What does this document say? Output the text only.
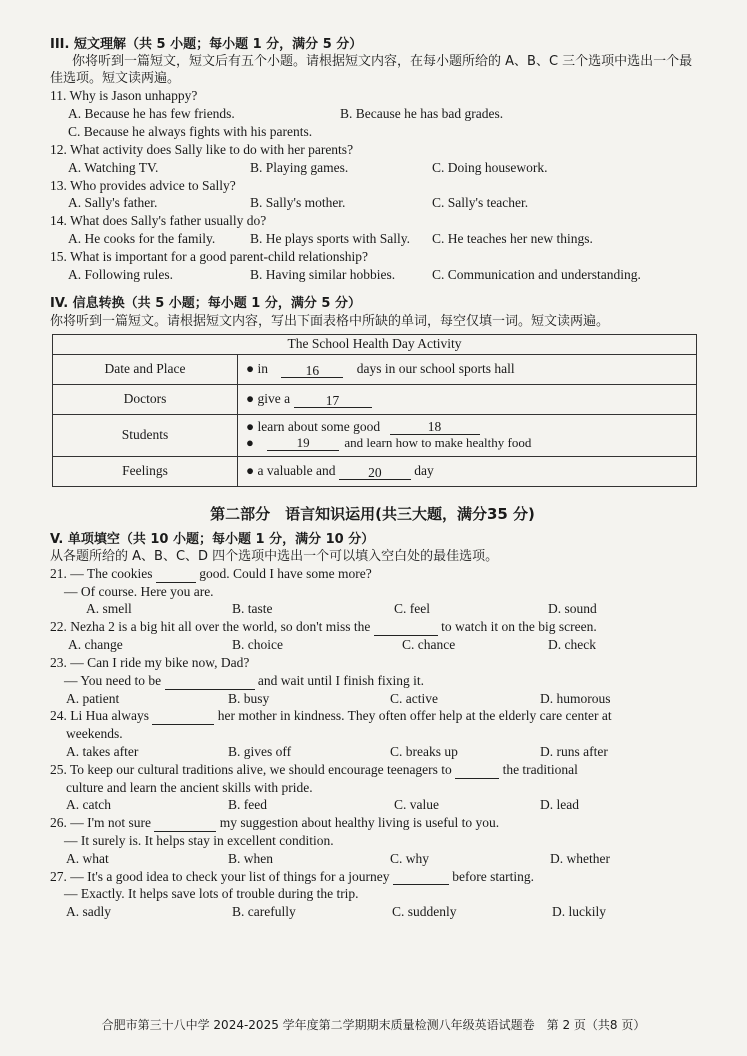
III. 短文理解（共 5 小题；每小题 1 分，满分 5 分）

你将听到一篇短文，短文后有五个小题。请根据短文内容，在每小题所给的 A、B、C 三个选项中选出一个最佳选项。短文读两遍。

11. Why is Jason unhappy?

A. Because he has few friends.	B. Because he has bad grades.
C. Because he always fights with his parents.

12. What activity does Sally like to do with her parents?

A. Watching TV.	B. Playing games.	C. Doing housework.

13. Who provides advice to Sally?

A. Sally's father.	B. Sally's mother.	C. Sally's teacher.

14. What does Sally's father usually do?

A. He cooks for the family.	B. He plays sports with Sally.	C. He teaches her new things.

15. What is important for a good parent-child relationship?

A. Following rules.	B. Having similar hobbies.	C. Communication and understanding.

IV. 信息转换（共 5 小题；每小题 1 分，满分 5 分）

你将听到一篇短文。请根据短文内容，写出下面表格中所缺的单词，每空仅填一词。短文读两遍。

The School Health Day Activity	
Date and Place	● in 16 days in our school sports hall
Doctors	● give a 17
Students	● learn about some good 18
● 19 and learn how to make healthy food

Feelings	● a valuable and 20 day
第二部分　语言知识运用(共三大题，满分35 分)

V. 单项填空（共 10 小题；每小题 1 分，满分 10 分）

从各题所给的 A、B、C、D 四个选项中选出一个可以填入空白处的最佳选项。

21. — The cookies	good. Could I have some more?

— Of course. Here you are.

A. smell	B. taste	C. feel	D. sound

22. Nezha 2 is a big hit all over the world, so don't miss the	to watch it on the big screen.

A. change	B. choice	C. chance	D. check

23. — Can I ride my bike now, Dad?

— You need to be	and wait until I finish fixing it.

A. patient	B. busy	C. active	D. humorous

24. Li Hua always	her mother in kindness. They often offer help at the elderly care center at

weekends.

A. takes after	B. gives off	C. breaks up	D. runs after

25. To keep our cultural traditions alive, we should encourage teenagers to	the traditional

culture and learn the ancient skills with pride.

A. catch	B. feed	C. value	D. lead

26. — I'm not sure	my suggestion about healthy living is useful to you.

— It surely is. It helps stay in excellent condition.

A. what	B. when	C. why	D. whether

27. — It's a good idea to check your list of things for a journey	before starting.

— Exactly. It helps save lots of trouble during the trip.

A. sadly	B. carefully	C. suddenly	D. luckily
合肥市第三十八中学 2024-2025 学年度第二学期期末质量检测八年级英语试题卷　第 2 页（共8 页）
